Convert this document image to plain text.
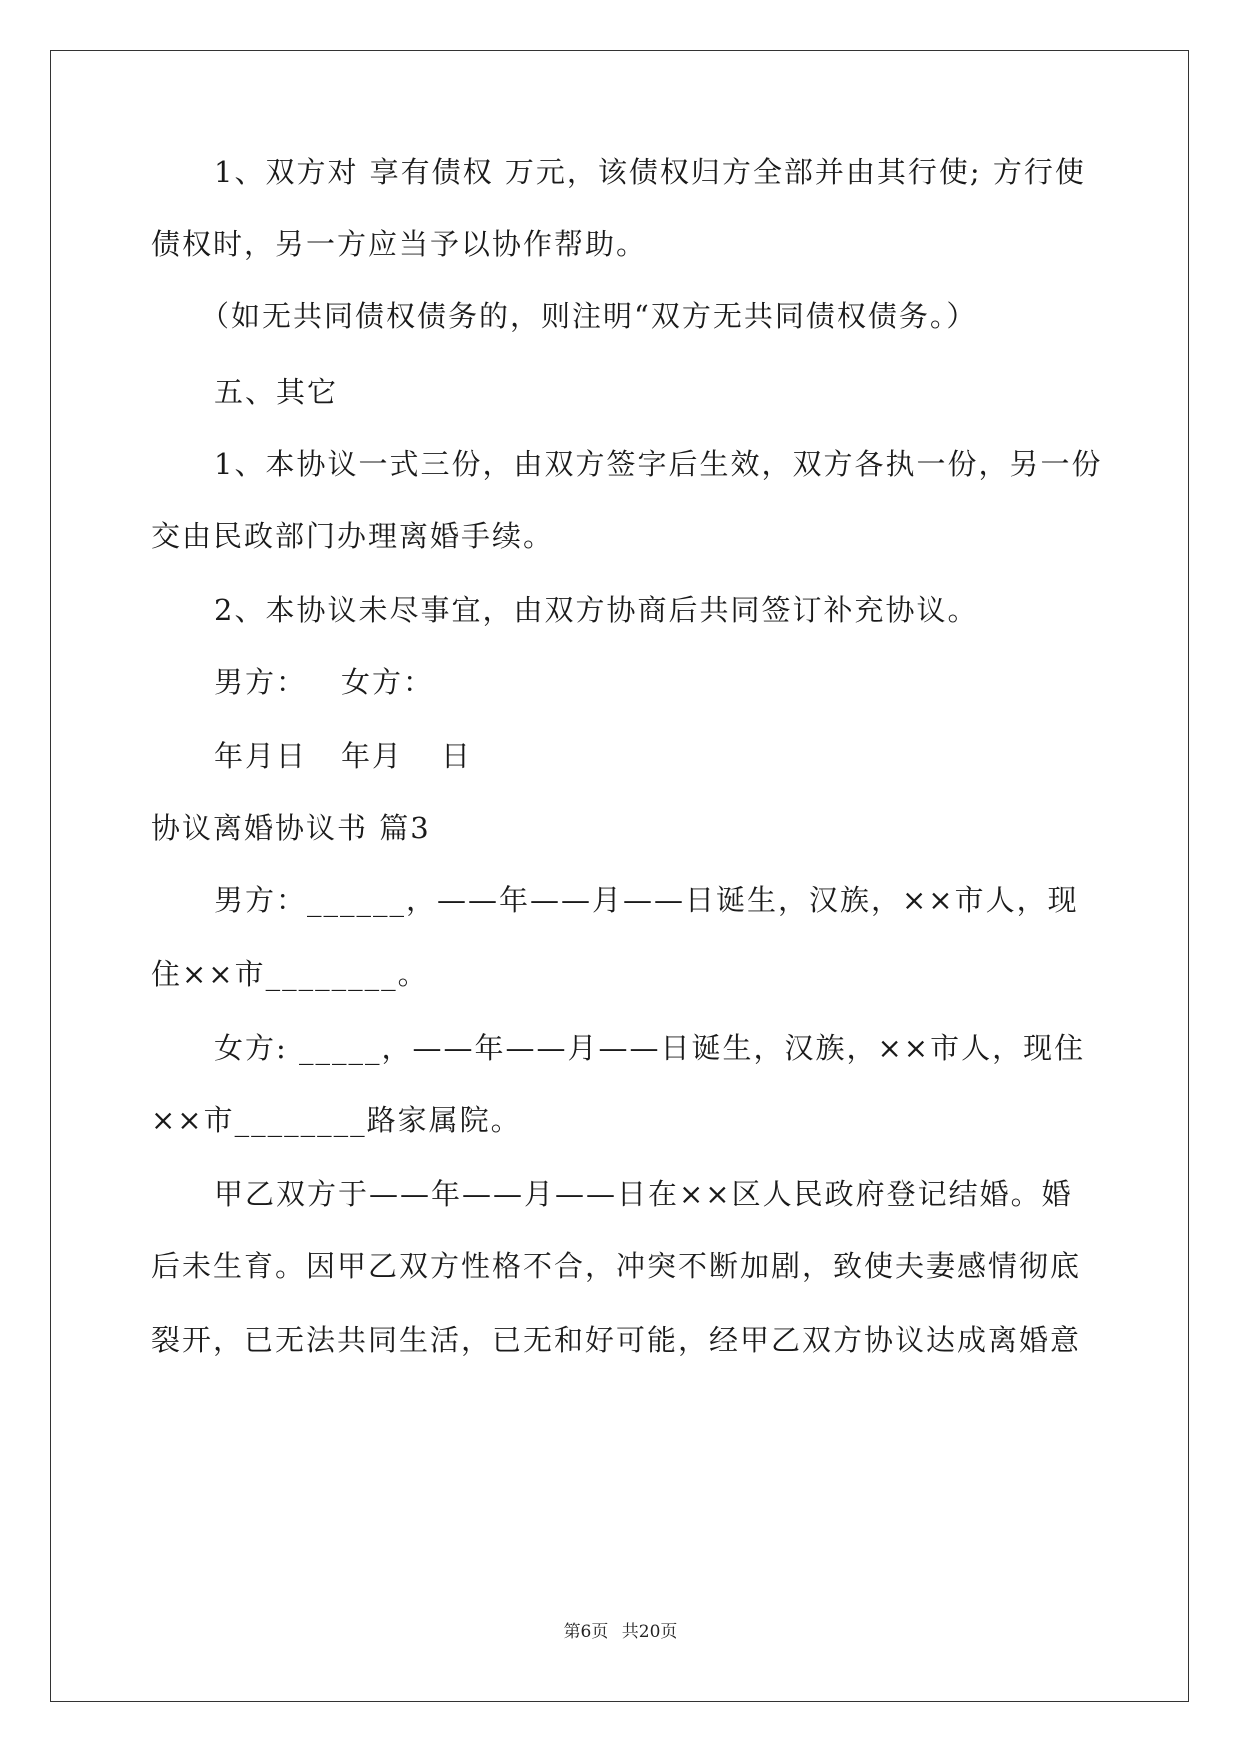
1、双方对 享有债权 万元，该债权归方全部并由其行使; 方行使
债权时，另一方应当予以协作帮助。
（如无共同债权债务的，则注明“双方无共同债权债务。）
五、其它
1、本协议一式三份，由双方签字后生效，双方各执一份，另一份
交由民政部门办理离婚手续。
2、本协议未尽事宜，由双方协商后共同签订补充协议。
男方： 女方：
年月日 年月 日
协议离婚协议书 篇3
男方：______，——年——月——日诞生，汉族，××市人，现
住××市________。
女方: _____，——年——月——日诞生，汉族，××市人，现住
××市________路家属院。
甲乙双方于——年——月——日在××区人民政府登记结婚。婚
后未生育。因甲乙双方性格不合，冲突不断加剧，致使夫妻感情彻底
裂开，已无法共同生活，已无和好可能，经甲乙双方协议达成离婚意
第6页 共20页
